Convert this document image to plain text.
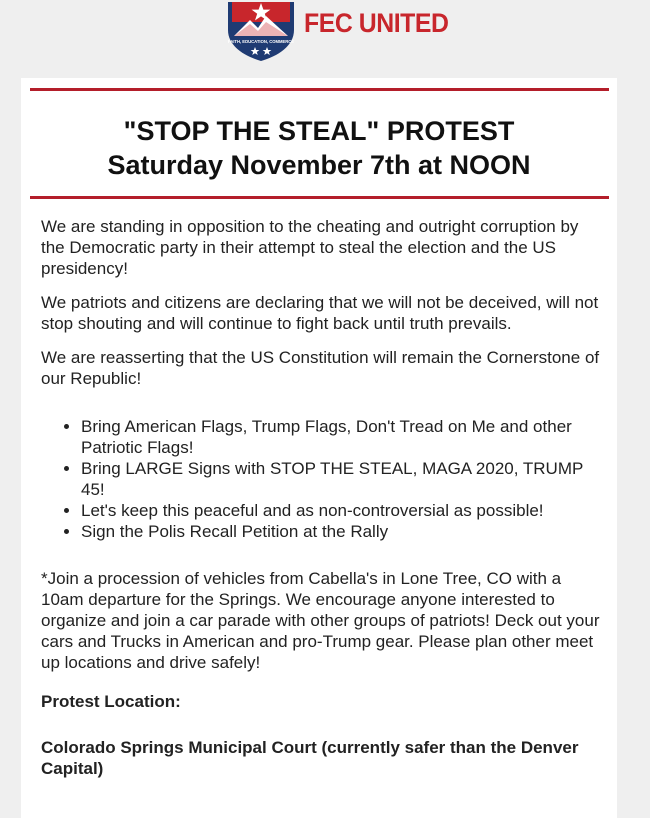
FAITH, EDUCATION, COMMERCE
FEC UNITED
"STOP THE STEAL" PROTEST
Saturday November 7th at NOON

We are standing in opposition to the cheating and outright corruption by the Democratic party in their attempt to steal the election and the US presidency!

We patriots and citizens are declaring that we will not be deceived, will not stop shouting and will continue to fight back until truth prevails.

We are reasserting that the US Constitution will remain the Cornerstone of our Republic!

• Bring American Flags, Trump Flags, Don't Tread on Me and other Patriotic Flags!
• Bring LARGE Signs with STOP THE STEAL, MAGA 2020, TRUMP 45!
• Let's keep this peaceful and as non-controversial as possible!
• Sign the Polis Recall Petition at the Rally

*Join a procession of vehicles from Cabella's in Lone Tree, CO with a 10am departure for the Springs. We encourage anyone interested to organize and join a car parade with other groups of patriots! Deck out your cars and Trucks in American and pro-Trump gear. Please plan other meet up locations and drive safely!

Protest Location:

Colorado Springs Municipal Court (currently safer than the Denver Capital)
